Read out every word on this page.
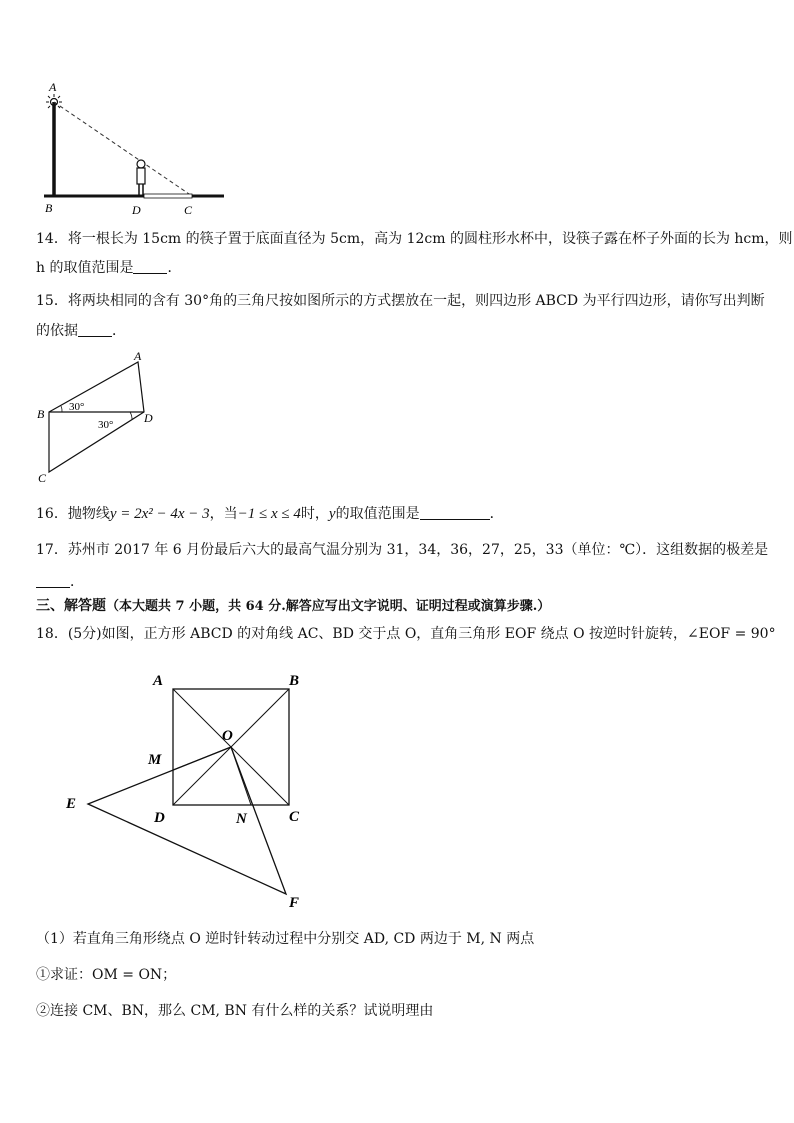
A
B	D	C
14．将一根长为 15cm 的筷子置于底面直径为 5cm，高为 12cm 的圆柱形水杯中，设筷子露在杯子外面的长为 hcm，则
h 的取值范围是 ．
15．将两块相同的含有 30°角的三角尺按如图所示的方式摆放在一起，则四边形 ABCD 为平行四边形，请你写出判断
的依据 ．
A
B	D
C
30°
30°
16．抛物线y = 2x² − 4x − 3，当−1 ≤ x ≤ 4时，y的取值范围是	．
17．苏州市 2017 年 6 月份最后六大的最高气温分别为 31，34，36，27，25，33（单位：℃）．这组数据的极差是
．
三、解答题（本大题共 7 小题，共 64 分.解答应写出文字说明、证明过程或演算步骤.）
18．(5分)如图，正方形 ABCD 的对角线 AC、BD 交于点 O，直角三角形 EOF 绕点 O 按逆时针旋转，∠EOF = 90°
A	B
O
M
E
D	N	C
F
（1）若直角三角形绕点 O 逆时针转动过程中分别交 AD, CD 两边于 M, N 两点
①求证：OM = ON；
②连接 CM、BN，那么 CM, BN 有什么样的关系？试说明理由
